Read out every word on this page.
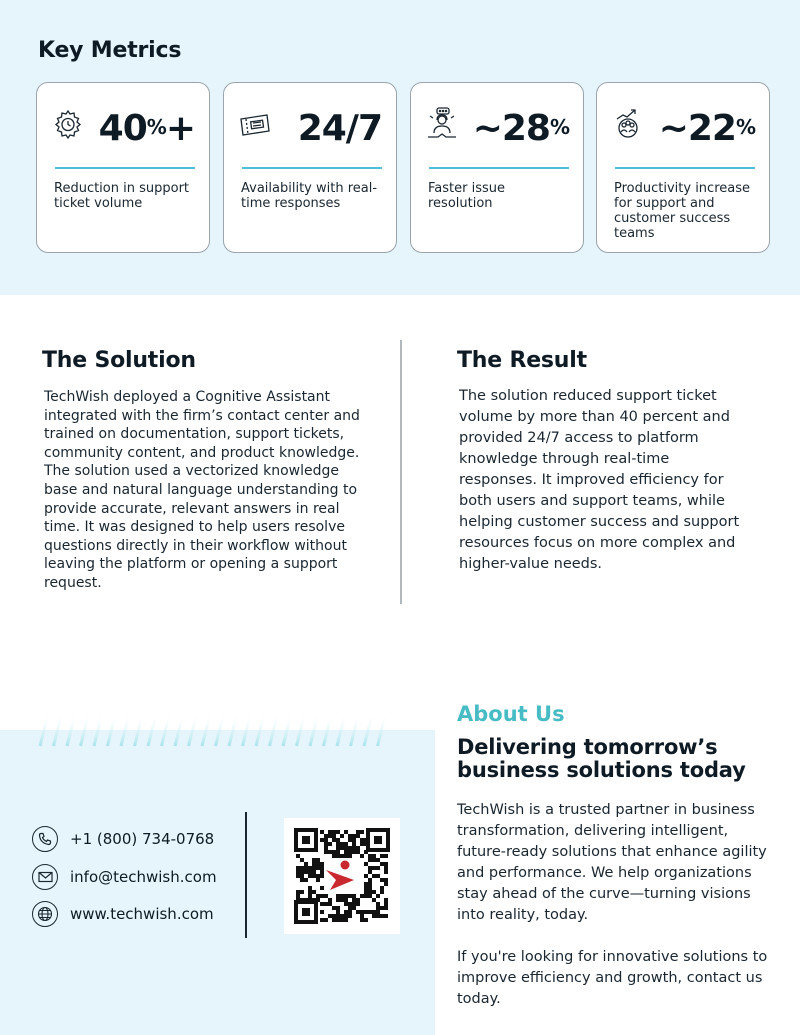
Key Metrics
40%+
Reduction in support ticket volume
24/7
Availability with real-time responses
~28%
Faster issue resolution
~22%
Productivity increase for support and customer success teams
The Solution
TechWish deployed a Cognitive Assistant integrated with the firm’s contact center and trained on documentation, support tickets, community content, and product knowledge. The solution used a vectorized knowledge base and natural language understanding to provide accurate, relevant answers in real time. It was designed to help users resolve questions directly in their workflow without leaving the platform or opening a support request.
The Result
The solution reduced support ticket volume by more than 40 percent and provided 24/7 access to platform knowledge through real-time responses. It improved efficiency for both users and support teams, while helping customer success and support resources focus on more complex and higher-value needs.
+1 (800) 734-0768
info@techwish.com
www.techwish.com
About Us
Delivering tomorrow’s
business solutions today
TechWish is a trusted partner in business transformation, delivering intelligent, future-ready solutions that enhance agility and performance. We help organizations stay ahead of the curve—turning visions into reality, today.
If you're looking for innovative solutions to improve efficiency and growth, contact us today.
